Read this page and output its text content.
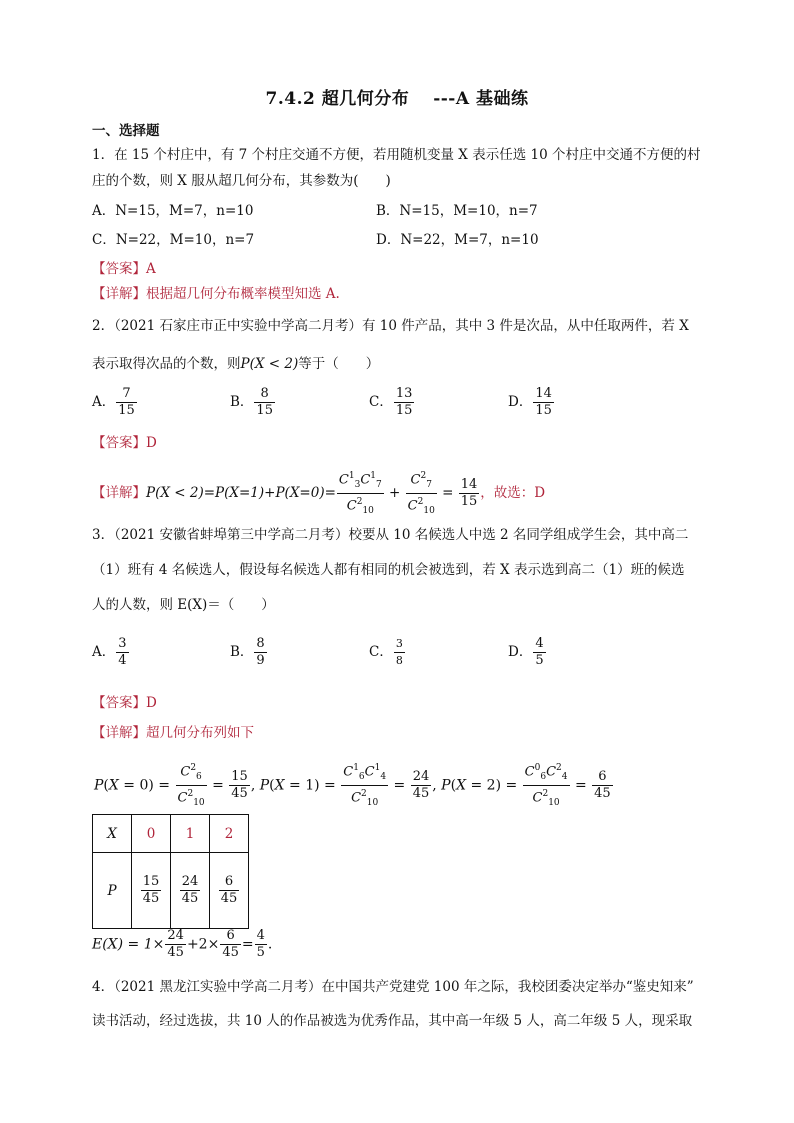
7.4.2 超几何分布　 ---A 基础练
一、选择题
1．在 15 个村庄中，有 7 个村庄交通不方便，若用随机变量 X 表示任选 10 个村庄中交通不方便的村
庄的个数，则 X 服从超几何分布，其参数为(　　)
A．N=15，M=7，n=10	B．N=15，M=10，n=7
C．N=22，M=10，n=7	D．N=22，M=7，n=10
【答案】A
【详解】根据超几何分布概率模型知选 A.
2．（2021 石家庄市正中实验中学高二月考）有 10 件产品，其中 3 件是次品，从中任取两件，若 X
表示取得次品的个数，则P(X < 2)等于（　　）
A． $\frac{7}{15}$	B． $\frac{8}{15}$	C． $\frac{13}{15}$	D． $\frac{14}{15}$
【答案】D
【详解】$P(X < 2)=P(X=1)+P(X=0)= \frac{C^1_3C^1_7}{C^2_{10}} + \frac{C^2_7}{C^2_{10}} = \frac{14}{15}$ ，故选：D
3．（2021 安徽省蚌埠第三中学高二月考）校要从 10 名候选人中选 2 名同学组成学生会，其中高二
（1）班有 4 名候选人，假设每名候选人都有相同的机会被选到，若 X 表示选到高二（1）班的候选
人的人数，则 E(X)＝（　　）
A． $\frac{3}{4}$	B． $\frac{8}{9}$	C． $\frac{3}{8}$	D． $\frac{4}{5}$
【答案】D
【详解】超几何分布列如下
$P(X = 0) = \frac{C^2_6}{C^2_{10}} = \frac{15}{45}$ , $P(X = 1) = \frac{C^1_6C^1_4}{C^2_{10}} = \frac{24}{45}$ , $P(X = 2) = \frac{C^0_6C^2_4}{C^2_{10}} = \frac{6}{45}$
X	0	1	2
P	$\frac{15}{45}$	$\frac{24}{45}$	$\frac{6}{45}$
$E(X) = 1\times \frac{24}{45} +2\times \frac{6}{45} = \frac{4}{5}$ .
4．（2021 黑龙江实验中学高二月考）在中国共产党建党 100 年之际，我校团委决定举办“鉴史知来”
读书活动，经过选拔，共 10 人的作品被选为优秀作品，其中高一年级 5 人，高二年级 5 人，现采取
